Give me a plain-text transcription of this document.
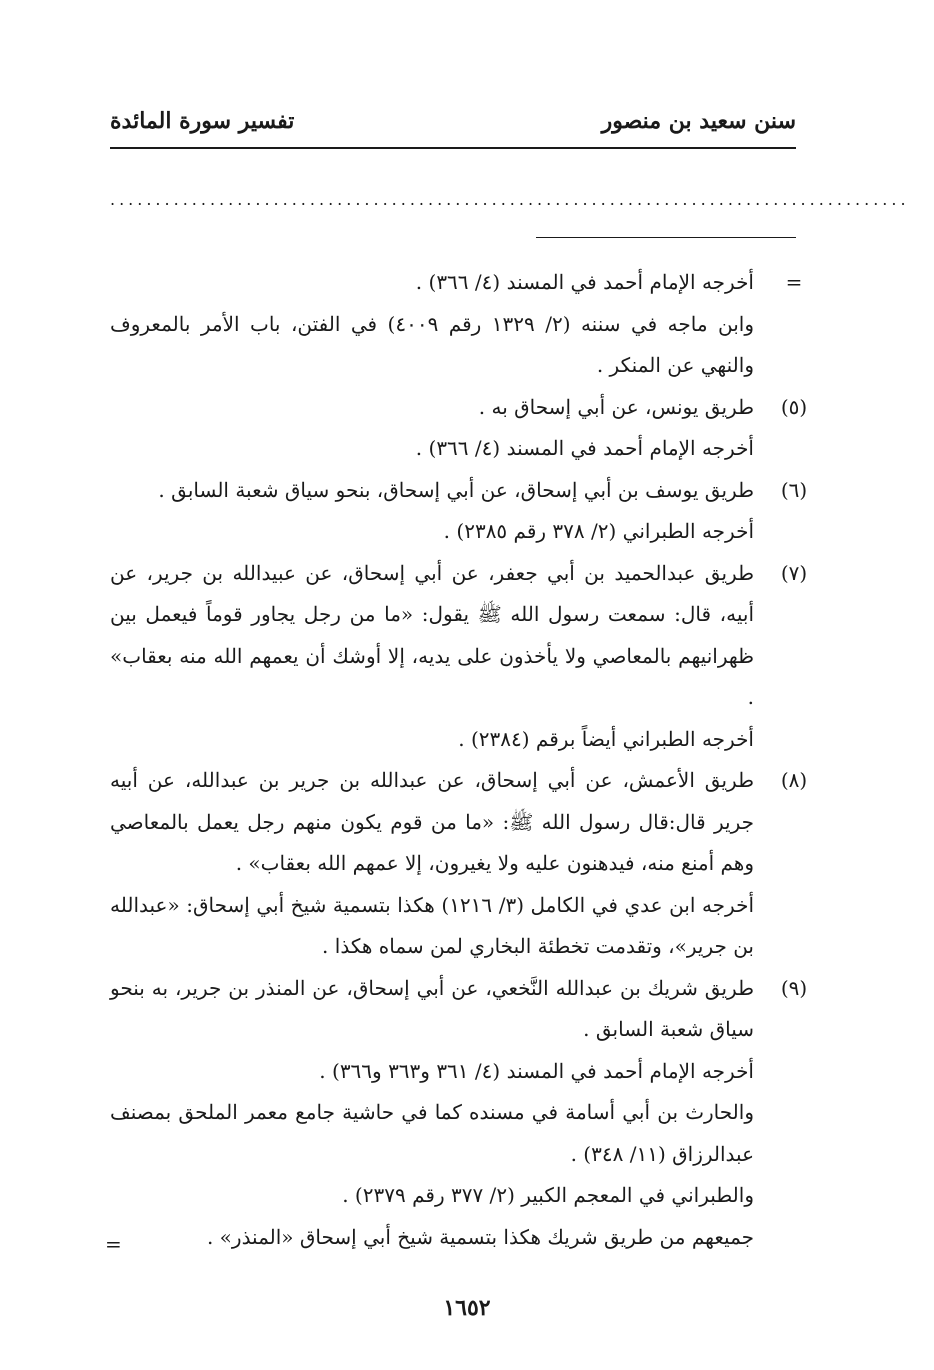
سنن سعيد بن منصور
تفسير سورة المائدة
........................................................................................
=

أخرجه الإمام أحمد في المسند (٤/ ٣٦٦) .

وابن ماجه في سننه (٢/ ١٣٢٩ رقم ٤٠٠٩) في الفتن، باب الأمر بالمعروف والنهي عن المنكر .

(٥)

طريق يونس، عن أبي إسحاق به .

أخرجه الإمام أحمد في المسند (٤/ ٣٦٦) .

(٦)

طريق يوسف بن أبي إسحاق، عن أبي إسحاق، بنحو سياق شعبة السابق .

أخرجه الطبراني (٢/ ٣٧٨ رقم ٢٣٨٥) .

(٧)

طريق عبدالحميد بن أبي جعفر، عن أبي إسحاق، عن عبيدالله بن جرير، عن أبيه، قال: سمعت رسول الله ﷺ يقول: «ما من رجل يجاور قوماً فيعمل بين ظهرانيهم بالمعاصي ولا يأخذون على يديه، إلا أوشك أن يعمهم الله منه بعقاب» .

أخرجه الطبراني أيضاً برقم (٢٣٨٤) .

(٨)

طريق الأعمش، عن أبي إسحاق، عن عبدالله بن جرير بن عبدالله، عن أبيه جرير قال:قال رسول الله ﷺ: «ما من قوم يكون منهم رجل يعمل بالمعاصي وهم أمنع منه، فيدهنون عليه ولا يغيرون، إلا عمهم الله بعقاب» .

أخرجه ابن عدي في الكامل (٣/ ١٢١٦) هكذا بتسمية شيخ أبي إسحاق: «عبدالله بن جرير»، وتقدمت تخطئة البخاري لمن سماه هكذا .

(٩)

طريق شريك بن عبدالله النَّخعي، عن أبي إسحاق، عن المنذر بن جرير، به بنحو سياق شعبة السابق .

أخرجه الإمام أحمد في المسند (٤/ ٣٦١ و٣٦٣ و٣٦٦) .

والحارث بن أبي أسامة في مسنده كما في حاشية جامع معمر الملحق بمصنف عبدالرزاق (١١/ ٣٤٨) .

والطبراني في المعجم الكبير (٢/ ٣٧٧ رقم ٢٣٧٩) .

جميعهم من طريق شريك هكذا بتسمية شيخ أبي إسحاق «المنذر» .

=
١٦٥٢
